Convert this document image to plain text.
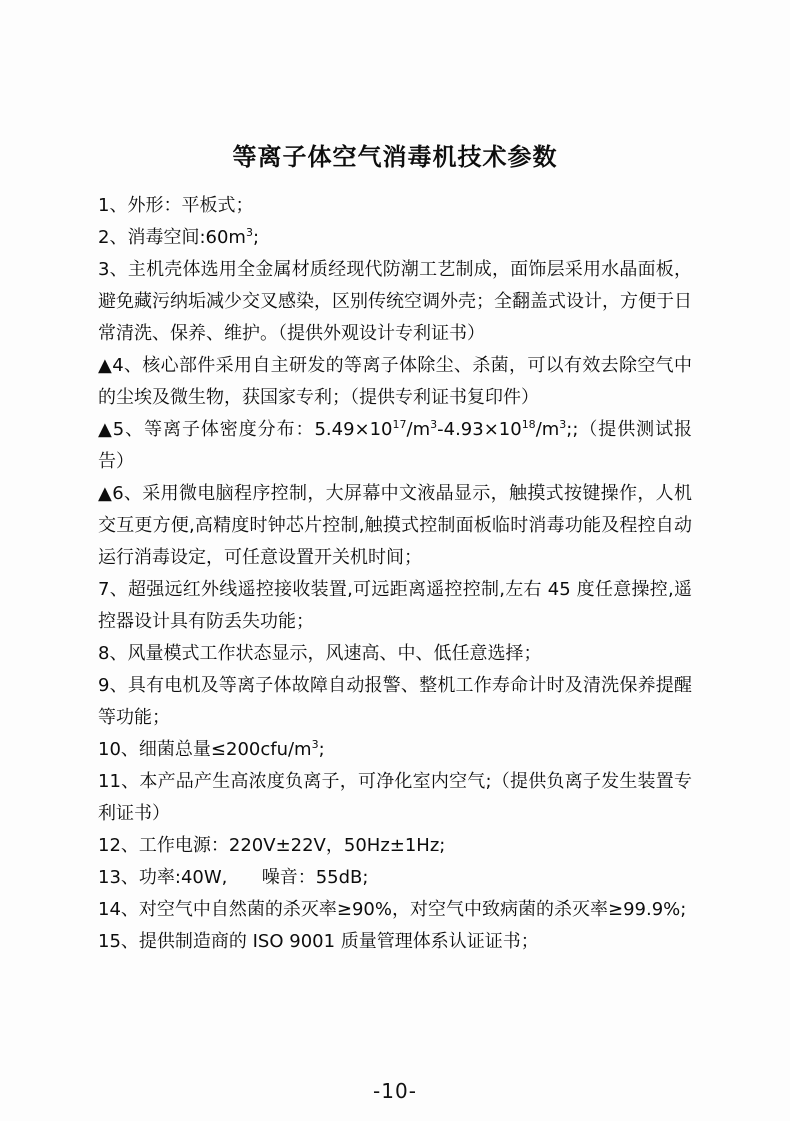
等离子体空气消毒机技术参数

1、外形：平板式；

2、消毒空间$:60m^3$;

3、主机壳体选用全金属材质经现代防潮工艺制成，面饰层采用水晶面板，避免藏污纳垢减少交叉感染，区别传统空调外壳；全翻盖式设计，方便于日常清洗、保养、维护。（提供外观设计专利证书）

▲4、核心部件采用自主研发的等离子体除尘、杀菌，可以有效去除空气中的尘埃及微生物，获国家专利；（提供专利证书复印件）

▲5、等离子体密度分布：$5.49\times 10^{17}/m^3-4.93\times 10^{18}/m^3$;;（提供测试报告）

▲6、采用微电脑程序控制，大屏幕中文液晶显示，触摸式按键操作，人机交互更方便,高精度时钟芯片控制,触摸式控制面板临时消毒功能及程控自动运行消毒设定，可任意设置开关机时间；

7、超强远红外线遥控接收装置,可远距离遥控控制,左右 45 度任意操控,遥控器设计具有防丢失功能；

8、风量模式工作状态显示，风速高、中、低任意选择；

9、具有电机及等离子体故障自动报警、整机工作寿命计时及清洗保养提醒等功能；

10、细菌总量$\le 200cfu/m^3$;

11、本产品产生高浓度负离子，可净化室内空气;（提供负离子发生装置专利证书）

12、工作电源：220V±22V，50Hz±1Hz;

13、功率:40W,      噪音：55dB;

14、对空气中自然菌的杀灭率≥90%，对空气中致病菌的杀灭率≥99.9%;

15、提供制造商的 ISO 9001 质量管理体系认证证书；

-10-
